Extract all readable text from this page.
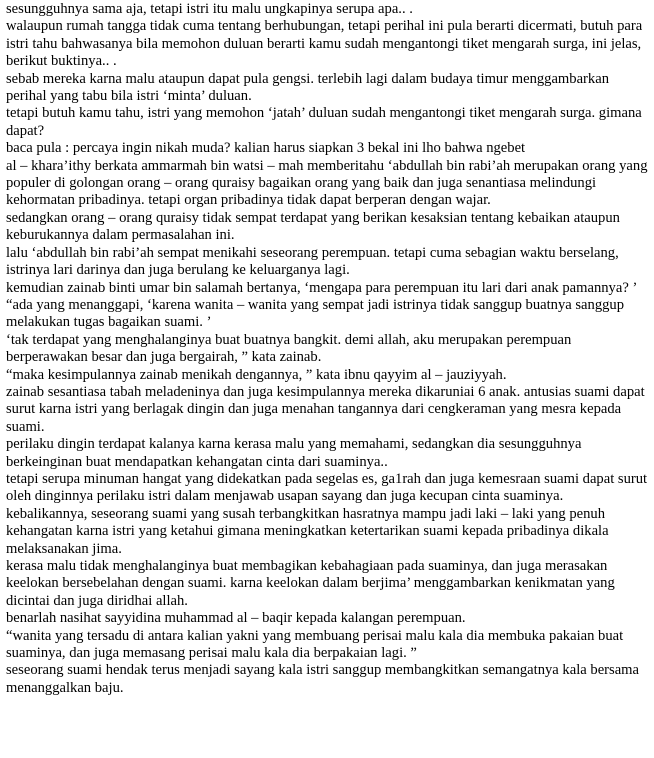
sesungguhnya sama aja, tetapi istri itu malu ungkapinya serupa apa.. .

walaupun rumah tangga tidak cuma tentang berhubungan, tetapi perihal ini pula berarti dicermati, butuh para istri tahu bahwasanya bila memohon duluan berarti kamu sudah mengantongi tiket mengarah surga, ini jelas, berikut buktinya.. .

sebab mereka karna malu ataupun dapat pula gengsi. terlebih lagi dalam budaya timur menggambarkan perihal yang tabu bila istri ‘minta’ duluan.

tetapi butuh kamu tahu, istri yang memohon ‘jatah’ duluan sudah mengantongi tiket mengarah surga. gimana dapat?

baca pula : percaya ingin nikah muda? kalian harus siapkan 3 bekal ini lho bahwa ngebet

al – khara’ithy berkata ammarmah bin watsi – mah memberitahu ‘abdullah bin rabi’ah merupakan orang yang populer di golongan orang – orang quraisy bagaikan orang yang baik dan juga senantiasa melindungi kehormatan pribadinya. tetapi organ pribadinya tidak dapat berperan dengan wajar.

sedangkan orang – orang quraisy tidak sempat terdapat yang berikan kesaksian tentang kebaikan ataupun keburukannya dalam permasalahan ini.

lalu ‘abdullah bin rabi’ah sempat menikahi seseorang perempuan. tetapi cuma sebagian waktu berselang, istrinya lari darinya dan juga berulang ke keluarganya lagi.

kemudian zainab binti umar bin salamah bertanya, ‘mengapa para perempuan itu lari dari anak pamannya? ’

“ada yang menanggapi, ‘karena wanita – wanita yang sempat jadi istrinya tidak sanggup buatnya sanggup melakukan tugas bagaikan suami. ’

‘tak terdapat yang menghalanginya buat buatnya bangkit. demi allah, aku merupakan perempuan berperawakan besar dan juga bergairah, ” kata zainab.

“maka kesimpulannya zainab menikah dengannya, ” kata ibnu qayyim al – jauziyyah.

zainab sesantiasa tabah meladeninya dan juga kesimpulannya mereka dikaruniai 6 anak. antusias suami dapat surut karna istri yang berlagak dingin dan juga menahan tangannya dari cengkeraman yang mesra kepada suami.

perilaku dingin terdapat kalanya karna kerasa malu yang memahami, sedangkan dia sesungguhnya berkeinginan buat mendapatkan kehangatan cinta dari suaminya..

tetapi serupa minuman hangat yang didekatkan pada segelas es, ga1rah dan juga kemesraan suami dapat surut oleh dinginnya perilaku istri dalam menjawab usapan sayang dan juga kecupan cinta suaminya.

kebalikannya, seseorang suami yang susah terbangkitkan hasratnya mampu jadi laki – laki yang penuh kehangatan karna istri yang ketahui gimana meningkatkan ketertarikan suami kepada pribadinya dikala melaksanakan jima.

kerasa malu tidak menghalanginya buat membagikan kebahagiaan pada suaminya, dan juga merasakan keelokan bersebelahan dengan suami. karna keelokan dalam berjima’ menggambarkan kenikmatan yang dicintai dan juga diridhai allah.

benarlah nasihat sayyidina muhammad al – baqir kepada kalangan perempuan.

“wanita yang tersadu di antara kalian yakni yang membuang perisai malu kala dia membuka pakaian buat suaminya, dan juga memasang perisai malu kala dia berpakaian lagi. ”

seseorang suami hendak terus menjadi sayang kala istri sanggup membangkitkan semangatnya kala bersama menanggalkan baju.
